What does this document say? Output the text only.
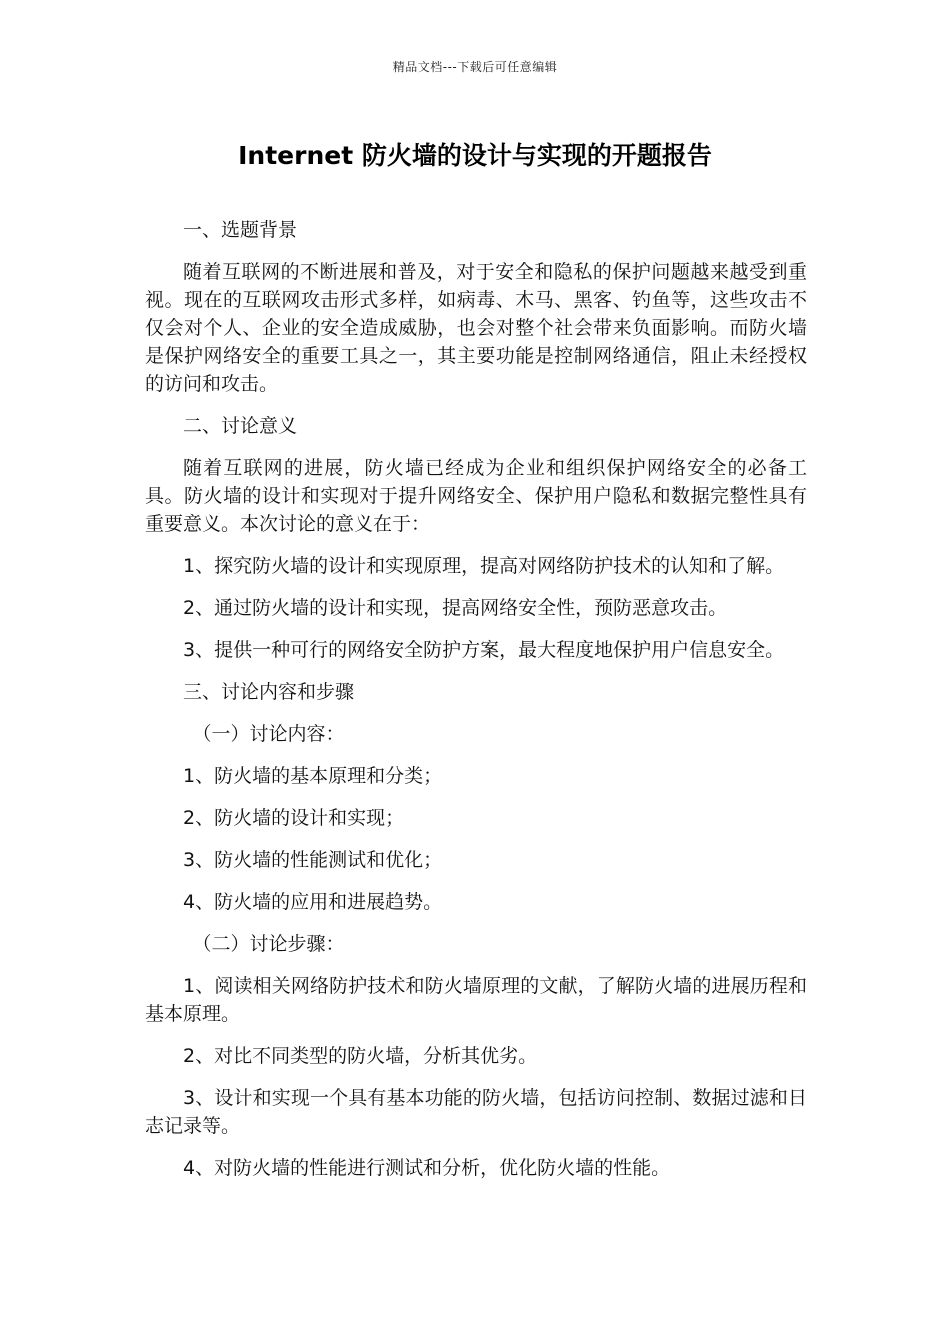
精品文档---下载后可任意编辑
Internet 防火墙的设计与实现的开题报告

一、选题背景

随着互联网的不断进展和普及，对于安全和隐私的保护问题越来越受到重视。现在的互联网攻击形式多样，如病毒、木马、黑客、钓鱼等，这些攻击不仅会对个人、企业的安全造成威胁，也会对整个社会带来负面影响。而防火墙是保护网络安全的重要工具之一，其主要功能是控制网络通信，阻止未经授权的访问和攻击。

二、讨论意义

随着互联网的进展，防火墙已经成为企业和组织保护网络安全的必备工具。防火墙的设计和实现对于提升网络安全、保护用户隐私和数据完整性具有重要意义。本次讨论的意义在于：

1、探究防火墙的设计和实现原理，提高对网络防护技术的认知和了解。

2、通过防火墙的设计和实现，提高网络安全性，预防恶意攻击。

3、提供一种可行的网络安全防护方案，最大程度地保护用户信息安全。

三、讨论内容和步骤

（一）讨论内容：

1、防火墙的基本原理和分类；

2、防火墙的设计和实现；

3、防火墙的性能测试和优化；

4、防火墙的应用和进展趋势。

（二）讨论步骤：

1、阅读相关网络防护技术和防火墙原理的文献，了解防火墙的进展历程和基本原理。

2、对比不同类型的防火墙，分析其优劣。

3、设计和实现一个具有基本功能的防火墙，包括访问控制、数据过滤和日志记录等。

4、对防火墙的性能进行测试和分析，优化防火墙的性能。
